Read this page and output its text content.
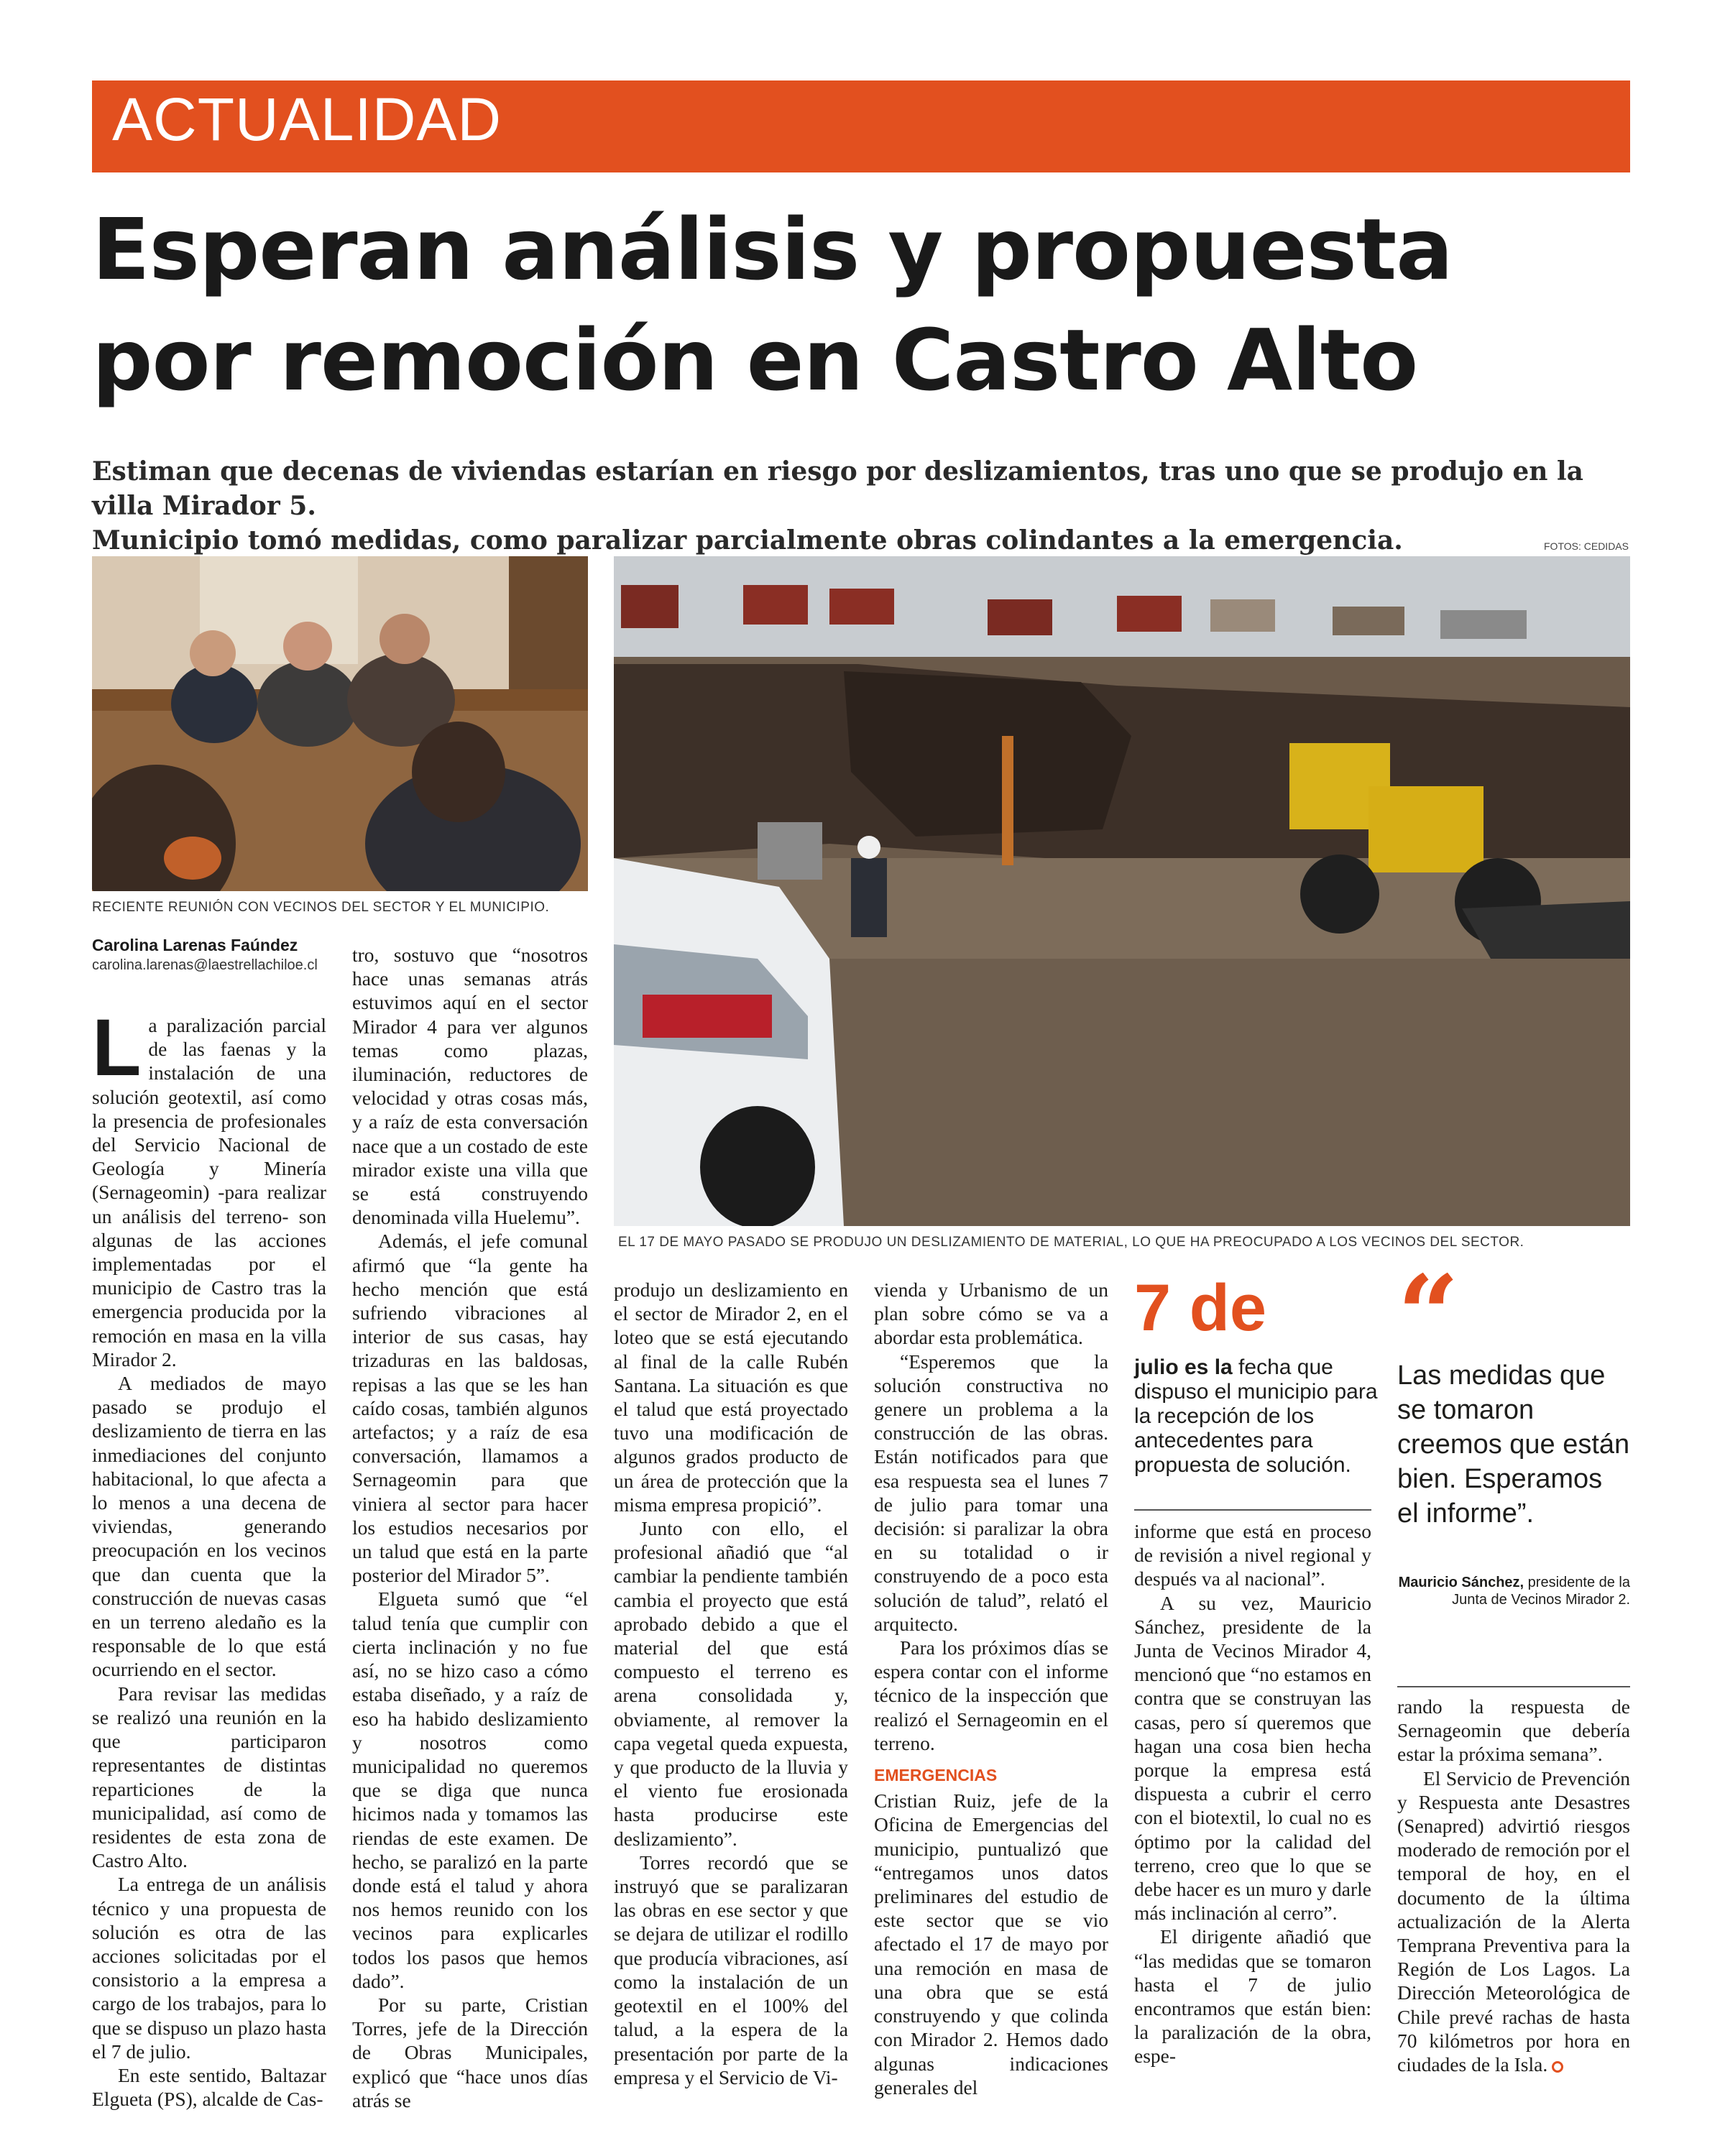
ACTUALIDAD
Esperan análisis y propuesta
por remoción en Castro Alto
Estiman que decenas de viviendas estarían en riesgo por deslizamientos, tras uno que se produjo en la villa Mirador 5.
Municipio tomó medidas, como paralizar parcialmente obras colindantes a la emergencia.	FOTOS: CEDIDAS
RECIENTE REUNIÓN CON VECINOS DEL SECTOR Y EL MUNICIPIO.
EL 17 DE MAYO PASADO SE PRODUJO UN DESLIZAMIENTO DE MATERIAL, LO QUE HA PREOCUPADO A LOS VECINOS DEL SECTOR.
Carolina Larenas Faúndez
carolina.larenas@laestrellachiloe.cl
L a paralización parcial de las faenas y la instalación de una solución geotextil, así como la presencia de profesionales del Servicio Nacional de Geología y Minería (Sernageomin) -para realizar un análisis del terreno- son algunas de las acciones implementadas por el municipio de Castro tras la emergencia producida por la remoción en masa en la villa Mirador 2.

A mediados de mayo pasado se produjo el deslizamiento de tierra en las inmediaciones del conjunto habitacional, lo que afecta a lo menos a una decena de viviendas, generando preocupación en los vecinos que dan cuenta que la construcción de nuevas casas en un terreno aledaño es la responsable de lo que está ocurriendo en el sector.

Para revisar las medidas se realizó una reunión en la que participaron representantes de distintas reparticiones de la municipalidad, así como de residentes de esta zona de Castro Alto.

La entrega de un análisis técnico y una propuesta de solución es otra de las acciones solicitadas por el consistorio a la empresa a cargo de los trabajos, para lo que se dispuso un plazo hasta el 7 de julio.

En este sentido, Baltazar Elgueta (PS), alcalde de Cas-

tro, sostuvo que “nosotros hace unas semanas atrás estuvimos aquí en el sector Mirador 4 para ver algunos temas como plazas, iluminación, reductores de velocidad y otras cosas más, y a raíz de esta conversación nace que a un costado de este mirador existe una villa que se está construyendo denominada villa Huelemu”.

Además, el jefe comunal afirmó que “la gente ha hecho mención que está sufriendo vibraciones al interior de sus casas, hay trizaduras en las baldosas, repisas a las que se les han caído cosas, también algunos artefactos; y a raíz de esa conversación, llamamos a Sernageomin para que viniera al sector para hacer los estudios necesarios por un talud que está en la parte posterior del Mirador 5”.

Elgueta sumó que “el talud tenía que cumplir con cierta inclinación y no fue así, no se hizo caso a cómo estaba diseñado, y a raíz de eso ha habido deslizamiento y nosotros como municipalidad no queremos que se diga que nunca hicimos nada y tomamos las riendas de este examen. De hecho, se paralizó en la parte donde está el talud y ahora nos hemos reunido con los vecinos para explicarles todos los pasos que hemos dado”.

Por su parte, Cristian Torres, jefe de la Dirección de Obras Municipales, explicó que “hace unos días atrás se

produjo un deslizamiento en el sector de Mirador 2, en el loteo que se está ejecutando al final de la calle Rubén Santana. La situación es que el talud que está proyectado tuvo una modificación de algunos grados producto de un área de protección que la misma empresa propició”.

Junto con ello, el profesional añadió que “al cambiar la pendiente también cambia el proyecto que está aprobado debido a que el material del que está compuesto el terreno es arena consolidada y, obviamente, al remover la capa vegetal queda expuesta, y que producto de la lluvia y el viento fue erosionada hasta producirse este deslizamiento”.

Torres recordó que se instruyó que se paralizaran las obras en ese sector y que se dejara de utilizar el rodillo que producía vibraciones, así como la instalación de un geotextil en el 100% del talud, a la espera de la presentación por parte de la empresa y el Servicio de Vi-

vienda y Urbanismo de un plan sobre cómo se va a abordar esta problemática.

“Esperemos que la solución constructiva no genere un problema a la construcción de las obras. Están notificados para que esa respuesta sea el lunes 7 de julio para tomar una decisión: si paralizar la obra en su totalidad o ir construyendo de a poco esta solución de talud”, relató el arquitecto.

Para los próximos días se espera contar con el informe técnico de la inspección que realizó el Sernageomin en el terreno.

EMERGENCIAS

Cristian Ruiz, jefe de la Oficina de Emergencias del municipio, puntualizó que “entregamos unos datos preliminares del estudio de este sector que se vio afectado el 17 de mayo por una remoción en masa de una obra que se está construyendo y que colinda con Mirador 2. Hemos dado algunas indicaciones generales del

7 de
julio es la fecha que dispuso el municipio para la recepción de los antecedentes para propuesta de solución.

informe que está en proceso de revisión a nivel regional y después va al nacional”.

A su vez, Mauricio Sánchez, presidente de la Junta de Vecinos Mirador 4, mencionó que “no estamos en contra que se construyan las casas, pero sí queremos que hagan una cosa bien hecha porque la empresa está dispuesta a cubrir el cerro con el biotextil, lo cual no es óptimo por la calidad del terreno, creo que lo que se debe hacer es un muro y darle más inclinación al cerro”.

El dirigente añadió que “las medidas que se tomaron hasta el 7 de julio encontramos que están bien: la paralización de la obra, espe-

“
Las medidas que se tomaron creemos que están bien. Esperamos el informe”.
Mauricio Sánchez, presidente de la Junta de Vecinos Mirador 2.

rando la respuesta de Sernageomin que debería estar la próxima semana”.

El Servicio de Prevención y Respuesta ante Desastres (Senapred) advirtió riesgos moderado de remoción por el temporal de hoy, en el documento de la última actualización de la Alerta Temprana Preventiva para la Región de Los Lagos. La Dirección Meteorológica de Chile prevé rachas de hasta 70 kilómetros por hora en ciudades de la Isla.
